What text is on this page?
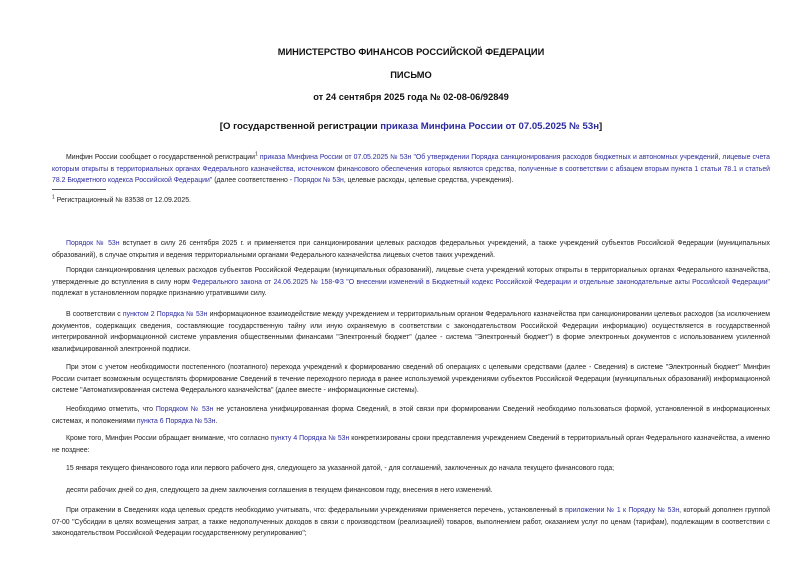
МИНИСТЕРСТВО ФИНАНСОВ РОССИЙСКОЙ ФЕДЕРАЦИИ
ПИСЬМО
от 24 сентября 2025 года № 02-08-06/92849
[О государственной регистрации приказа Минфина России от 07.05.2025 № 53н]
Минфин России сообщает о государственной регистрации$^1$ приказа Минфина России от 07.05.2025 № 53н "Об утверждении Порядка санкционирования расходов бюджетных и автономных учреждений, лицевые счета которым открыты в территориальных органах Федерального казначейства, источником финансового обеспечения которых являются средства, полученные в соответствии с абзацем вторым пункта 1 статьи 78.1 и статьей 78.2 Бюджетного кодекса Российской Федерации" (далее соответственно - Порядок № 53н, целевые расходы, целевые средства, учреждения).
$^1$ Регистрационный № 83538 от 12.09.2025.
Порядок № 53н вступает в силу 26 сентября 2025 г. и применяется при санкционировании целевых расходов федеральных учреждений, а также учреждений субъектов Российской Федерации (муниципальных образований), в случае открытия и ведения территориальными органами Федерального казначейства лицевых счетов таких учреждений.
Порядки санкционирования целевых расходов субъектов Российской Федерации (муниципальных образований), лицевые счета учреждений которых открыты в территориальных органах Федерального казначейства, утвержденные до вступления в силу норм Федерального закона от 24.06.2025 № 158-ФЗ "О внесении изменений в Бюджетный кодекс Российской Федерации и отдельные законодательные акты Российской Федерации" подлежат в установленном порядке признанию утратившими силу.
В соответствии с пунктом 2 Порядка № 53н информационное взаимодействие между учреждением и территориальным органом Федерального казначейства при санкционировании целевых расходов (за исключением документов, содержащих сведения, составляющие государственную тайну или иную охраняемую в соответствии с законодательством Российской Федерации информацию) осуществляется в государственной интегрированной информационной системе управления общественными финансами "Электронный бюджет" (далее - система "Электронный бюджет") в форме электронных документов с использованием усиленной квалифицированной электронной подписи.
При этом с учетом необходимости постепенного (поэтапного) перехода учреждений к формированию сведений об операциях с целевыми средствами (далее - Сведения) в системе "Электронный бюджет" Минфин России считает возможным осуществлять формирование Сведений в течение переходного периода в ранее используемой учреждениями субъектов Российской Федерации (муниципальных образований) информационной системе "Автоматизированная система Федерального казначейства" (далее вместе - информационные системы).
Необходимо отметить, что Порядком № 53н не установлена унифицированная форма Сведений, в этой связи при формировании Сведений необходимо пользоваться формой, установленной в информационных системах, и положениями пункта 6 Порядка № 53н.
Кроме того, Минфин России обращает внимание, что согласно пункту 4 Порядка № 53н конкретизированы сроки представления учреждением Сведений в территориальный орган Федерального казначейства, а именно не позднее:
15 января текущего финансового года или первого рабочего дня, следующего за указанной датой, - для соглашений, заключенных до начала текущего финансового года;
десяти рабочих дней со дня, следующего за днем заключения соглашения в текущем финансовом году, внесения в него изменений.
При отражении в Сведениях кода целевых средств необходимо учитывать, что: федеральными учреждениями применяется перечень, установленный в приложении № 1 к Порядку № 53н, который дополнен группой 07-00 "Субсидии в целях возмещения затрат, а также недополученных доходов в связи с производством (реализацией) товаров, выполнением работ, оказанием услуг по ценам (тарифам), подлежащим в соответствии с законодательством Российской Федерации государственному регулированию";
